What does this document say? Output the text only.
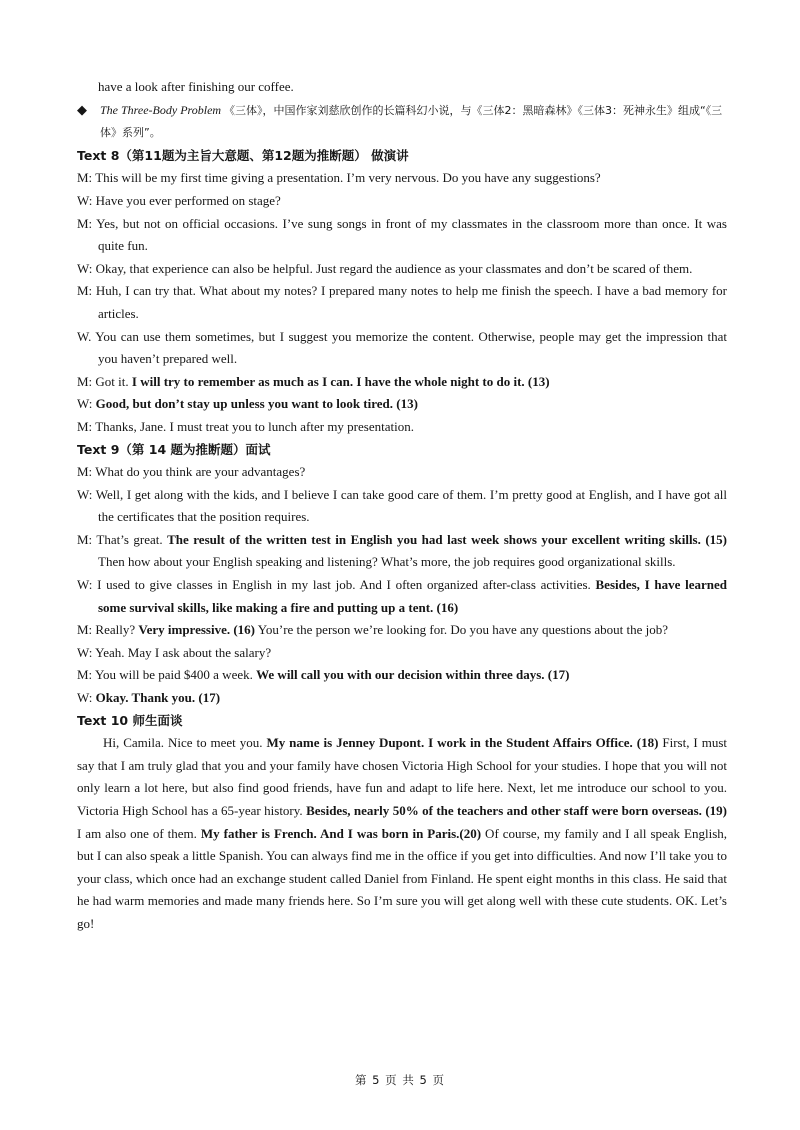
have a look after finishing our coffee.

◆ The Three-Body Problem 《三体》，中国作家刘慈欣创作的长篇科幻小说，与《三体2：黑暗森林》《三体3：死神永生》组成“《三体》系列”。

Text 8（第11题为主旨大意题、第12题为推断题） 做演讲

M: This will be my first time giving a presentation. I’m very nervous. Do you have any suggestions?

W: Have you ever performed on stage?

M: Yes, but not on official occasions. I’ve sung songs in front of my classmates in the classroom more than once. It was quite fun.

W: Okay, that experience can also be helpful. Just regard the audience as your classmates and don’t be scared of them.

M: Huh, I can try that. What about my notes? I prepared many notes to help me finish the speech. I have a bad memory for articles.

W. You can use them sometimes, but I suggest you memorize the content. Otherwise, people may get the impression that you haven’t prepared well.

M: Got it. I will try to remember as much as I can. I have the whole night to do it. (13)

W: Good, but don’t stay up unless you want to look tired. (13)

M: Thanks, Jane. I must treat you to lunch after my presentation.

Text 9（第 14 题为推断题）面试

M: What do you think are your advantages?

W: Well, I get along with the kids, and I believe I can take good care of them. I’m pretty good at English, and I have got all the certificates that the position requires.

M: That’s great. The result of the written test in English you had last week shows your excellent writing skills. (15) Then how about your English speaking and listening? What’s more, the job requires good organizational skills.

W: I used to give classes in English in my last job. And I often organized after-class activities. Besides, I have learned some survival skills, like making a fire and putting up a tent. (16)

M: Really? Very impressive. (16) You’re the person we’re looking for. Do you have any questions about the job?

W: Yeah. May I ask about the salary?

M: You will be paid $400 a week. We will call you with our decision within three days. (17)

W: Okay. Thank you. (17)

Text 10 师生面谈

Hi, Camila. Nice to meet you. My name is Jenney Dupont. I work in the Student Affairs Office. (18) First, I must say that I am truly glad that you and your family have chosen Victoria High School for your studies. I hope that you will not only learn a lot here, but also find good friends, have fun and adapt to life here. Next, let me introduce our school to you. Victoria High School has a 65-year history. Besides, nearly 50% of the teachers and other staff were born overseas. (19) I am also one of them. My father is French. And I was born in Paris.(20) Of course, my family and I all speak English, but I can also speak a little Spanish. You can always find me in the office if you get into difficulties. And now I’ll take you to your class, which once had an exchange student called Daniel from Finland. He spent eight months in this class. He said that he had warm memories and made many friends here. So I’m sure you will get along well with these cute students. OK. Let’s go!

第 5 页 共 5 页
